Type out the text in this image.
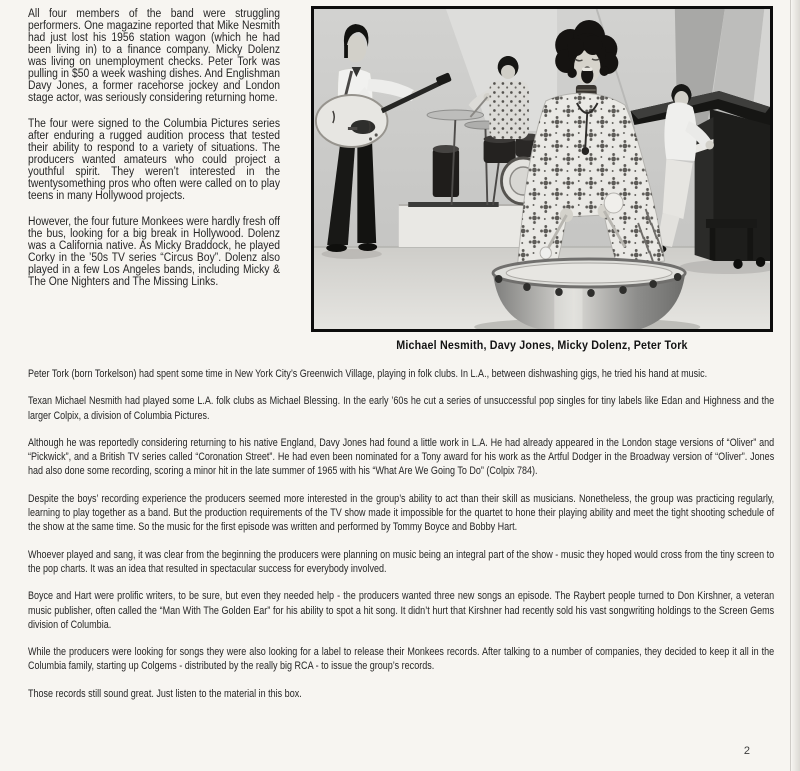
All four members of the band were struggling performers. One magazine reported that Mike Nesmith had just lost his 1956 station wagon (which he had been living in) to a finance company. Micky Dolenz was living on unemployment checks. Peter Tork was pulling in $50 a week washing dishes. And Englishman Davy Jones, a former racehorse jockey and London stage actor, was seriously considering returning home.

The four were signed to the Columbia Pictures series after enduring a rugged audition process that tested their ability to respond to a variety of situations. The producers wanted amateurs who could project a youthful spirit. They weren’t interested in the twentysomething pros who often were called on to play teens in many Hollywood projects.

However, the four future Monkees were hardly fresh off the bus, looking for a big break in Hollywood. Dolenz was a California native. As Micky Braddock, he played Corky in the ’50s TV series “Circus Boy”. Dolenz also played in a few Los Angeles bands, including Micky & The One Nighters and The Missing Links.

Michael Nesmith, Davy Jones, Micky Dolenz, Peter Tork

Peter Tork (born Torkelson) had spent some time in New York City’s Greenwich Village, playing in folk clubs. In L.A., between dishwashing gigs, he tried his hand at music.

Texan Michael Nesmith had played some L.A. folk clubs as Michael Blessing. In the early ’60s he cut a series of unsuccessful pop singles for tiny labels like Edan and Highness and the larger Colpix, a division of Columbia Pictures.

Although he was reportedly considering returning to his native England, Davy Jones had found a little work in L.A. He had already appeared in the London stage versions of “Oliver” and “Pickwick”, and a British TV series called “Coronation Street”. He had even been nominated for a Tony award for his work as the Artful Dodger in the Broadway version of “Oliver”. Jones had also done some recording, scoring a minor hit in the late summer of 1965 with his “What Are We Going To Do” (Colpix 784).

Despite the boys’ recording experience the producers seemed more interested in the group’s ability to act than their skill as musicians. Nonetheless, the group was practicing regularly, learning to play together as a band. But the production requirements of the TV show made it impossible for the quartet to hone their playing ability and meet the tight shooting schedule of the show at the same time. So the music for the first episode was written and performed by Tommy Boyce and Bobby Hart.

Whoever played and sang, it was clear from the beginning the producers were planning on music being an integral part of the show - music they hoped would cross from the tiny screen to the pop charts. It was an idea that resulted in spectacular success for everybody involved.

Boyce and Hart were prolific writers, to be sure, but even they needed help - the producers wanted three new songs an episode. The Raybert people turned to Don Kirshner, a veteran music publisher, often called the “Man With The Golden Ear” for his ability to spot a hit song. It didn’t hurt that Kirshner had recently sold his vast songwriting holdings to the Screen Gems division of Columbia.

While the producers were looking for songs they were also looking for a label to release their Monkees records. After talking to a number of companies, they decided to keep it all in the Columbia family, starting up Colgems - distributed by the really big RCA - to issue the group’s records.

Those records still sound great. Just listen to the material in this box.

2
